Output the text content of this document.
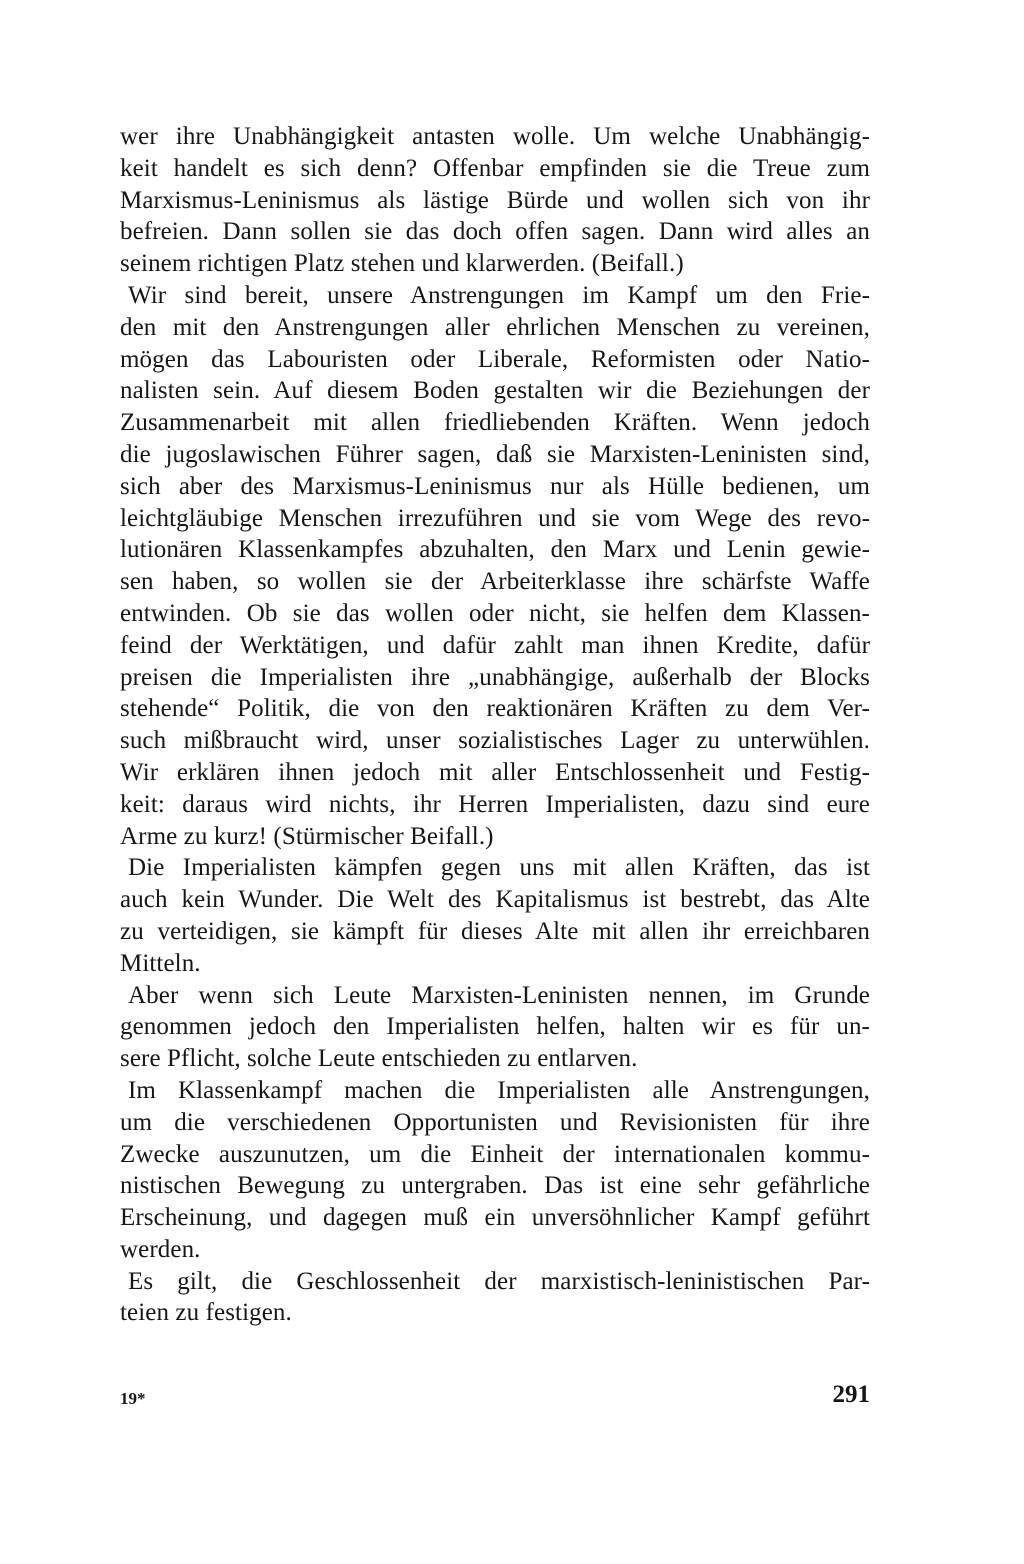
wer ihre Unabhängigkeit antasten wolle. Um welche Unabhängig-
keit handelt es sich denn? Offenbar empfinden sie die Treue zum
Marxismus-Leninismus als lästige Bürde und wollen sich von ihr
befreien. Dann sollen sie das doch offen sagen. Dann wird alles an
seinem richtigen Platz stehen und klarwerden. (Beifall.)

Wir sind bereit, unsere Anstrengungen im Kampf um den Frie-
den mit den Anstrengungen aller ehrlichen Menschen zu vereinen,
mögen das Labouristen oder Liberale, Reformisten oder Natio-
nalisten sein. Auf diesem Boden gestalten wir die Beziehungen der
Zusammenarbeit mit allen friedliebenden Kräften. Wenn jedoch
die jugoslawischen Führer sagen, daß sie Marxisten-Leninisten sind,
sich aber des Marxismus-Leninismus nur als Hülle bedienen, um
leichtgläubige Menschen irrezuführen und sie vom Wege des revo-
lutionären Klassenkampfes abzuhalten, den Marx und Lenin gewie-
sen haben, so wollen sie der Arbeiterklasse ihre schärfste Waffe
entwinden. Ob sie das wollen oder nicht, sie helfen dem Klassen-
feind der Werktätigen, und dafür zahlt man ihnen Kredite, dafür
preisen die Imperialisten ihre „unabhängige, außerhalb der Blocks
stehende“ Politik, die von den reaktionären Kräften zu dem Ver-
such mißbraucht wird, unser sozialistisches Lager zu unterwühlen.
Wir erklären ihnen jedoch mit aller Entschlossenheit und Festig-
keit: daraus wird nichts, ihr Herren Imperialisten, dazu sind eure
Arme zu kurz! (Stürmischer Beifall.)

Die Imperialisten kämpfen gegen uns mit allen Kräften, das ist
auch kein Wunder. Die Welt des Kapitalismus ist bestrebt, das Alte
zu verteidigen, sie kämpft für dieses Alte mit allen ihr erreichbaren
Mitteln.

Aber wenn sich Leute Marxisten-Leninisten nennen, im Grunde
genommen jedoch den Imperialisten helfen, halten wir es für un-
sere Pflicht, solche Leute entschieden zu entlarven.

Im Klassenkampf machen die Imperialisten alle Anstrengungen,
um die verschiedenen Opportunisten und Revisionisten für ihre
Zwecke auszunutzen, um die Einheit der internationalen kommu-
nistischen Bewegung zu untergraben. Das ist eine sehr gefährliche
Erscheinung, und dagegen muß ein unversöhnlicher Kampf geführt
werden.

Es gilt, die Geschlossenheit der marxistisch-leninistischen Par-
teien zu festigen.

19*	291
